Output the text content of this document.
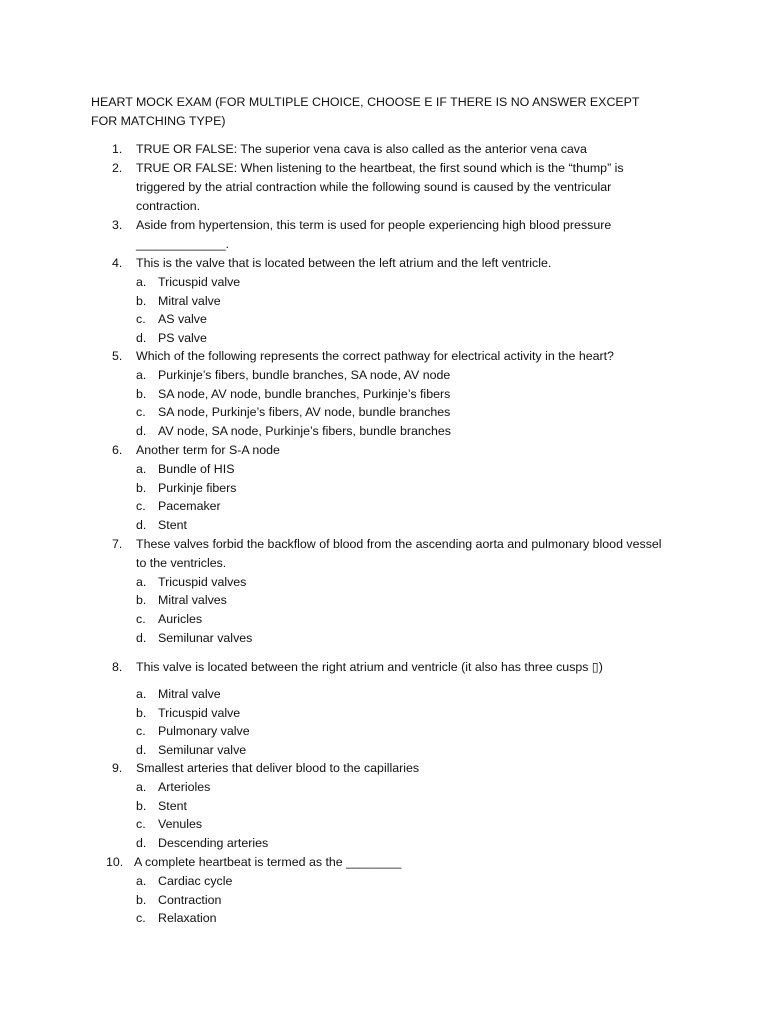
HEART MOCK EXAM (FOR MULTIPLE CHOICE, CHOOSE E IF THERE IS NO ANSWER EXCEPT FOR MATCHING TYPE)
1.	TRUE OR FALSE: The superior vena cava is also called as the anterior vena cava
2.	TRUE OR FALSE: When listening to the heartbeat, the first sound which is the “thump” is triggered by the atrial contraction while the following sound is caused by the ventricular contraction.
3.	Aside from hypertension, this term is used for people experiencing high blood pressure _____________.
4.	This is the valve that is located between the left atrium and the left ventricle.
a. Tricuspid valve
b. Mitral valve
c. AS valve
d. PS valve
5.	Which of the following represents the correct pathway for electrical activity in the heart?
a. Purkinje’s fibers, bundle branches, SA node, AV node
b. SA node, AV node, bundle branches, Purkinje’s fibers
c. SA node, Purkinje’s fibers, AV node, bundle branches
d. AV node, SA node, Purkinje’s fibers, bundle branches
6.	Another term for S-A node
a. Bundle of HIS
b. Purkinje fibers
c. Pacemaker
d. Stent
7.	These valves forbid the backflow of blood from the ascending aorta and pulmonary blood vessel to the ventricles.
a. Tricuspid valves
b. Mitral valves
c. Auricles
d. Semilunar valves
8.	This valve is located between the right atrium and ventricle (it also has three cusps ▯)
a. Mitral valve
b. Tricuspid valve
c. Pulmonary valve
d. Semilunar valve
9.	Smallest arteries that deliver blood to the capillaries
a. Arterioles
b. Stent
c. Venules
d. Descending arteries
10. A complete heartbeat is termed as the ________
a. Cardiac cycle
b. Contraction
c. Relaxation
